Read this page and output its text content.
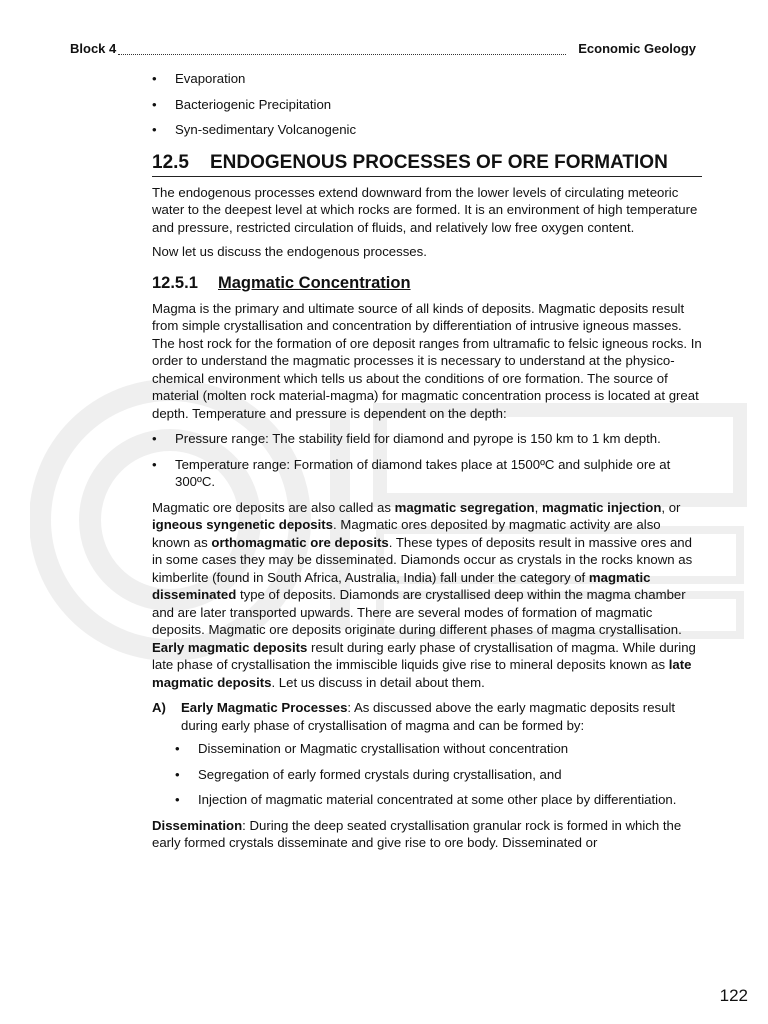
Block 4	Economic Geology
• Evaporation
• Bacteriogenic Precipitation
• Syn-sedimentary Volcanogenic
12.5	ENDOGENOUS PROCESSES OF ORE FORMATION

The endogenous processes extend downward from the lower levels of circulating meteoric water to the deepest level at which rocks are formed. It is an environment of high temperature and pressure, restricted circulation of fluids, and relatively low free oxygen content.

Now let us discuss the endogenous processes.

12.5.1 Magmatic Concentration

Magma is the primary and ultimate source of all kinds of deposits. Magmatic deposits result from simple crystallisation and concentration by differentiation of intrusive igneous masses. The host rock for the formation of ore deposit ranges from ultramafic to felsic igneous rocks. In order to understand the magmatic processes it is necessary to understand at the physico-chemical environment which tells us about the conditions of ore formation. The source of material (molten rock material-magma) for magmatic concentration process is located at great depth. Temperature and pressure is dependent on the depth:

• Pressure range: The stability field for diamond and pyrope is 150 km to 1 km depth.
• Temperature range: Formation of diamond takes place at 1500ºC and sulphide ore at 300ºC.

Magmatic ore deposits are also called as magmatic segregation, magmatic injection, or igneous syngenetic deposits. Magmatic ores deposited by magmatic activity are also known as orthomagmatic ore deposits. These types of deposits result in massive ores and in some cases they may be disseminated. Diamonds occur as crystals in the rocks known as kimberlite (found in South Africa, Australia, India) fall under the category of magmatic disseminated type of deposits. Diamonds are crystallised deep within the magma chamber and are later transported upwards. There are several modes of formation of magmatic deposits. Magmatic ore deposits originate during different phases of magma crystallisation. Early magmatic deposits result during early phase of crystallisation of magma. While during late phase of crystallisation the immiscible liquids give rise to mineral deposits known as late magmatic deposits. Let us discuss in detail about them.

A)	Early Magmatic Processes: As discussed above the early magmatic deposits result during early phase of crystallisation of magma and can be formed by:
• Dissemination or Magmatic crystallisation without concentration
• Segregation of early formed crystals during crystallisation, and
• Injection of magmatic material concentrated at some other place by differentiation.

Dissemination: During the deep seated crystallisation granular rock is formed in which the early formed crystals disseminate and give rise to ore body. Disseminated or

122
